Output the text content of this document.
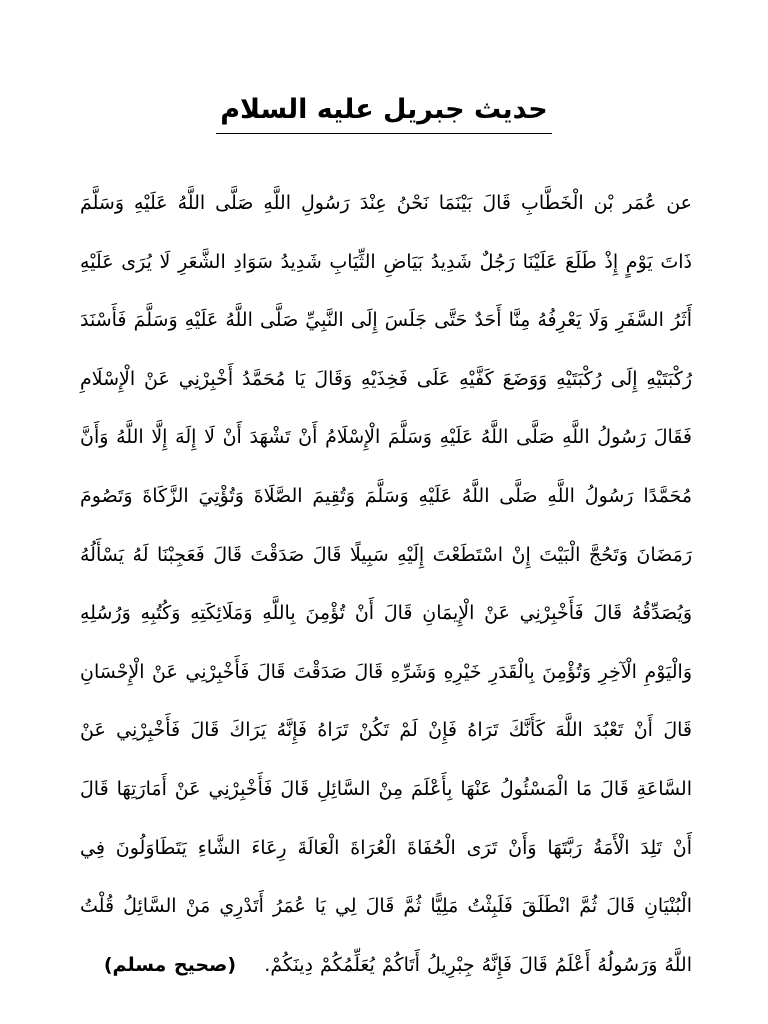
حديث جبريل عليه السلام

عن عُمَر بْن الْخَطَّابِ قَالَ بَيْنَمَا نَحْنُ عِنْدَ رَسُولِ اللَّهِ صَلَّى اللَّهُ عَلَيْهِ وَسَلَّمَ ذَاتَ يَوْمٍ إِذْ طَلَعَ عَلَيْنَا رَجُلٌ شَدِيدُ بَيَاضِ الثِّيَابِ شَدِيدُ سَوَادِ الشَّعَرِ لَا يُرَى عَلَيْهِ أَثَرُ السَّفَرِ وَلَا يَعْرِفُهُ مِنَّا أَحَدٌ حَتَّى جَلَسَ إِلَى النَّبِيِّ صَلَّى اللَّهُ عَلَيْهِ وَسَلَّمَ فَأَسْنَدَ رُكْبَتَيْهِ إِلَى رُكْبَتَيْهِ وَوَضَعَ كَفَّيْهِ عَلَى فَخِذَيْهِ وَقَالَ يَا مُحَمَّدُ أَخْبِرْنِي عَنْ الْإِسْلَامِ فَقَالَ رَسُولُ اللَّهِ صَلَّى اللَّهُ عَلَيْهِ وَسَلَّمَ الْإِسْلَامُ أَنْ تَشْهَدَ أَنْ لَا إِلَهَ إِلَّا اللَّهُ وَأَنَّ مُحَمَّدًا رَسُولُ اللَّهِ صَلَّى اللَّهُ عَلَيْهِ وَسَلَّمَ وَتُقِيمَ الصَّلَاةَ وَتُؤْتِيَ الزَّكَاةَ وَتَصُومَ رَمَضَانَ وَتَحُجَّ الْبَيْتَ إِنْ اسْتَطَعْتَ إِلَيْهِ سَبِيلًا قَالَ صَدَقْتَ قَالَ فَعَجِبْنَا لَهُ يَسْأَلُهُ وَيُصَدِّقُهُ قَالَ فَأَخْبِرْنِي عَنْ الْإِيمَانِ قَالَ أَنْ تُؤْمِنَ بِاللَّهِ وَمَلَائِكَتِهِ وَكُتُبِهِ وَرُسُلِهِ وَالْيَوْمِ الْآخِرِ وَتُؤْمِنَ بِالْقَدَرِ خَيْرِهِ وَشَرِّهِ قَالَ صَدَقْتَ قَالَ فَأَخْبِرْنِي عَنْ الْإِحْسَانِ قَالَ أَنْ تَعْبُدَ اللَّهَ كَأَنَّكَ تَرَاهُ فَإِنْ لَمْ تَكُنْ تَرَاهُ فَإِنَّهُ يَرَاكَ قَالَ فَأَخْبِرْنِي عَنْ السَّاعَةِ قَالَ مَا الْمَسْئُولُ عَنْهَا بِأَعْلَمَ مِنْ السَّائِلِ قَالَ فَأَخْبِرْنِي عَنْ أَمَارَتِهَا قَالَ أَنْ تَلِدَ الْأَمَةُ رَبَّتَهَا وَأَنْ تَرَى الْحُفَاةَ الْعُرَاةَ الْعَالَةَ رِعَاءَ الشَّاءِ يَتَطَاوَلُونَ فِي الْبُنْيَانِ قَالَ ثُمَّ انْطَلَقَ فَلَبِثْتُ مَلِيًّا ثُمَّ قَالَ لِي يَا عُمَرُ أَتَدْرِي مَنْ السَّائِلُ قُلْتُ اللَّهُ وَرَسُولُهُ أَعْلَمُ قَالَ فَإِنَّهُ جِبْرِيلُ أَتَاكُمْ يُعَلِّمُكُمْ دِينَكُمْ.    (صحيح مسلم)
